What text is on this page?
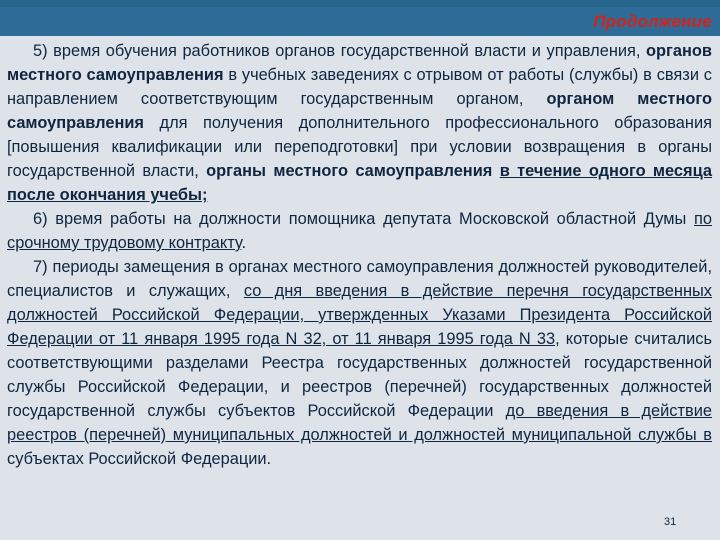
Продолжение

5) время обучения работников органов государственной власти и управления, органов местного самоуправления в учебных заведениях с отрывом от работы (службы) в связи с направлением соответствующим государственным органом, органом местного самоуправления для получения дополнительного профессионального образования [повышения квалификации или переподготовки] при условии возвращения в органы государственной власти, органы местного самоуправления в течение одного месяца после окончания учебы;

6) время работы на должности помощника депутата Московской областной Думы по срочному трудовому контракту.

7) периоды замещения в органах местного самоуправления должностей руководителей, специалистов и служащих, со дня введения в действие перечня государственных должностей Российской Федерации, утвержденных Указами Президента Российской Федерации от 11 января 1995 года N 32, от 11 января 1995 года N 33, которые считались соответствующими разделами Реестра государственных должностей государственной службы Российской Федерации, и реестров (перечней) государственных должностей государственной службы субъектов Российской Федерации до введения в действие реестров (перечней) муниципальных должностей и должностей муниципальной службы в субъектах Российской Федерации.

31
